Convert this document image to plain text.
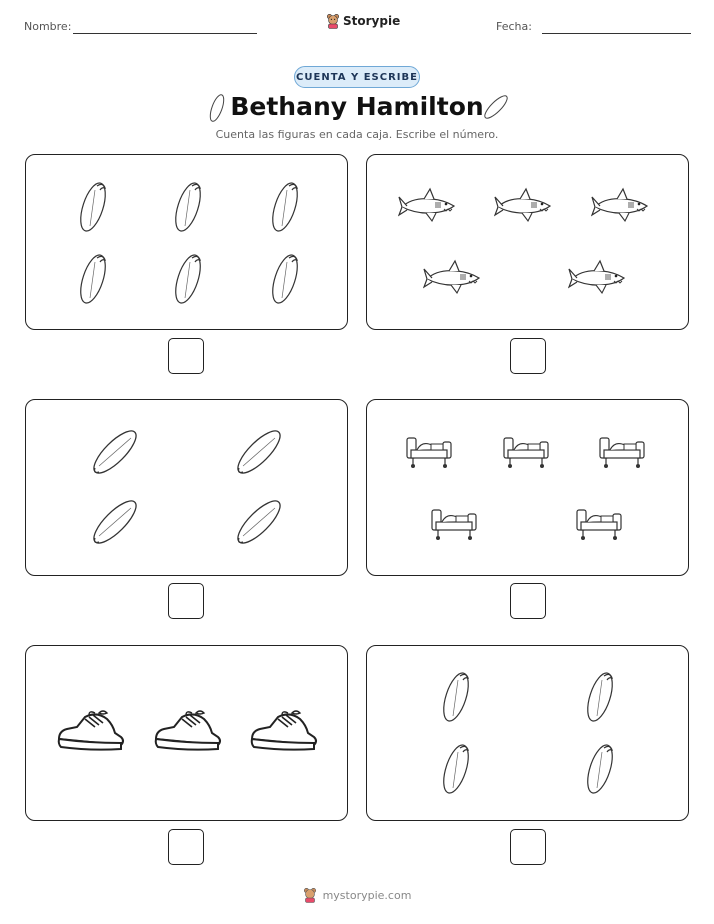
Nombre:	Storypie	Fecha:
CUENTA Y ESCRIBE
Bethany Hamilton
Cuenta las figuras en cada caja. Escribe el número.
mystorypie.com
